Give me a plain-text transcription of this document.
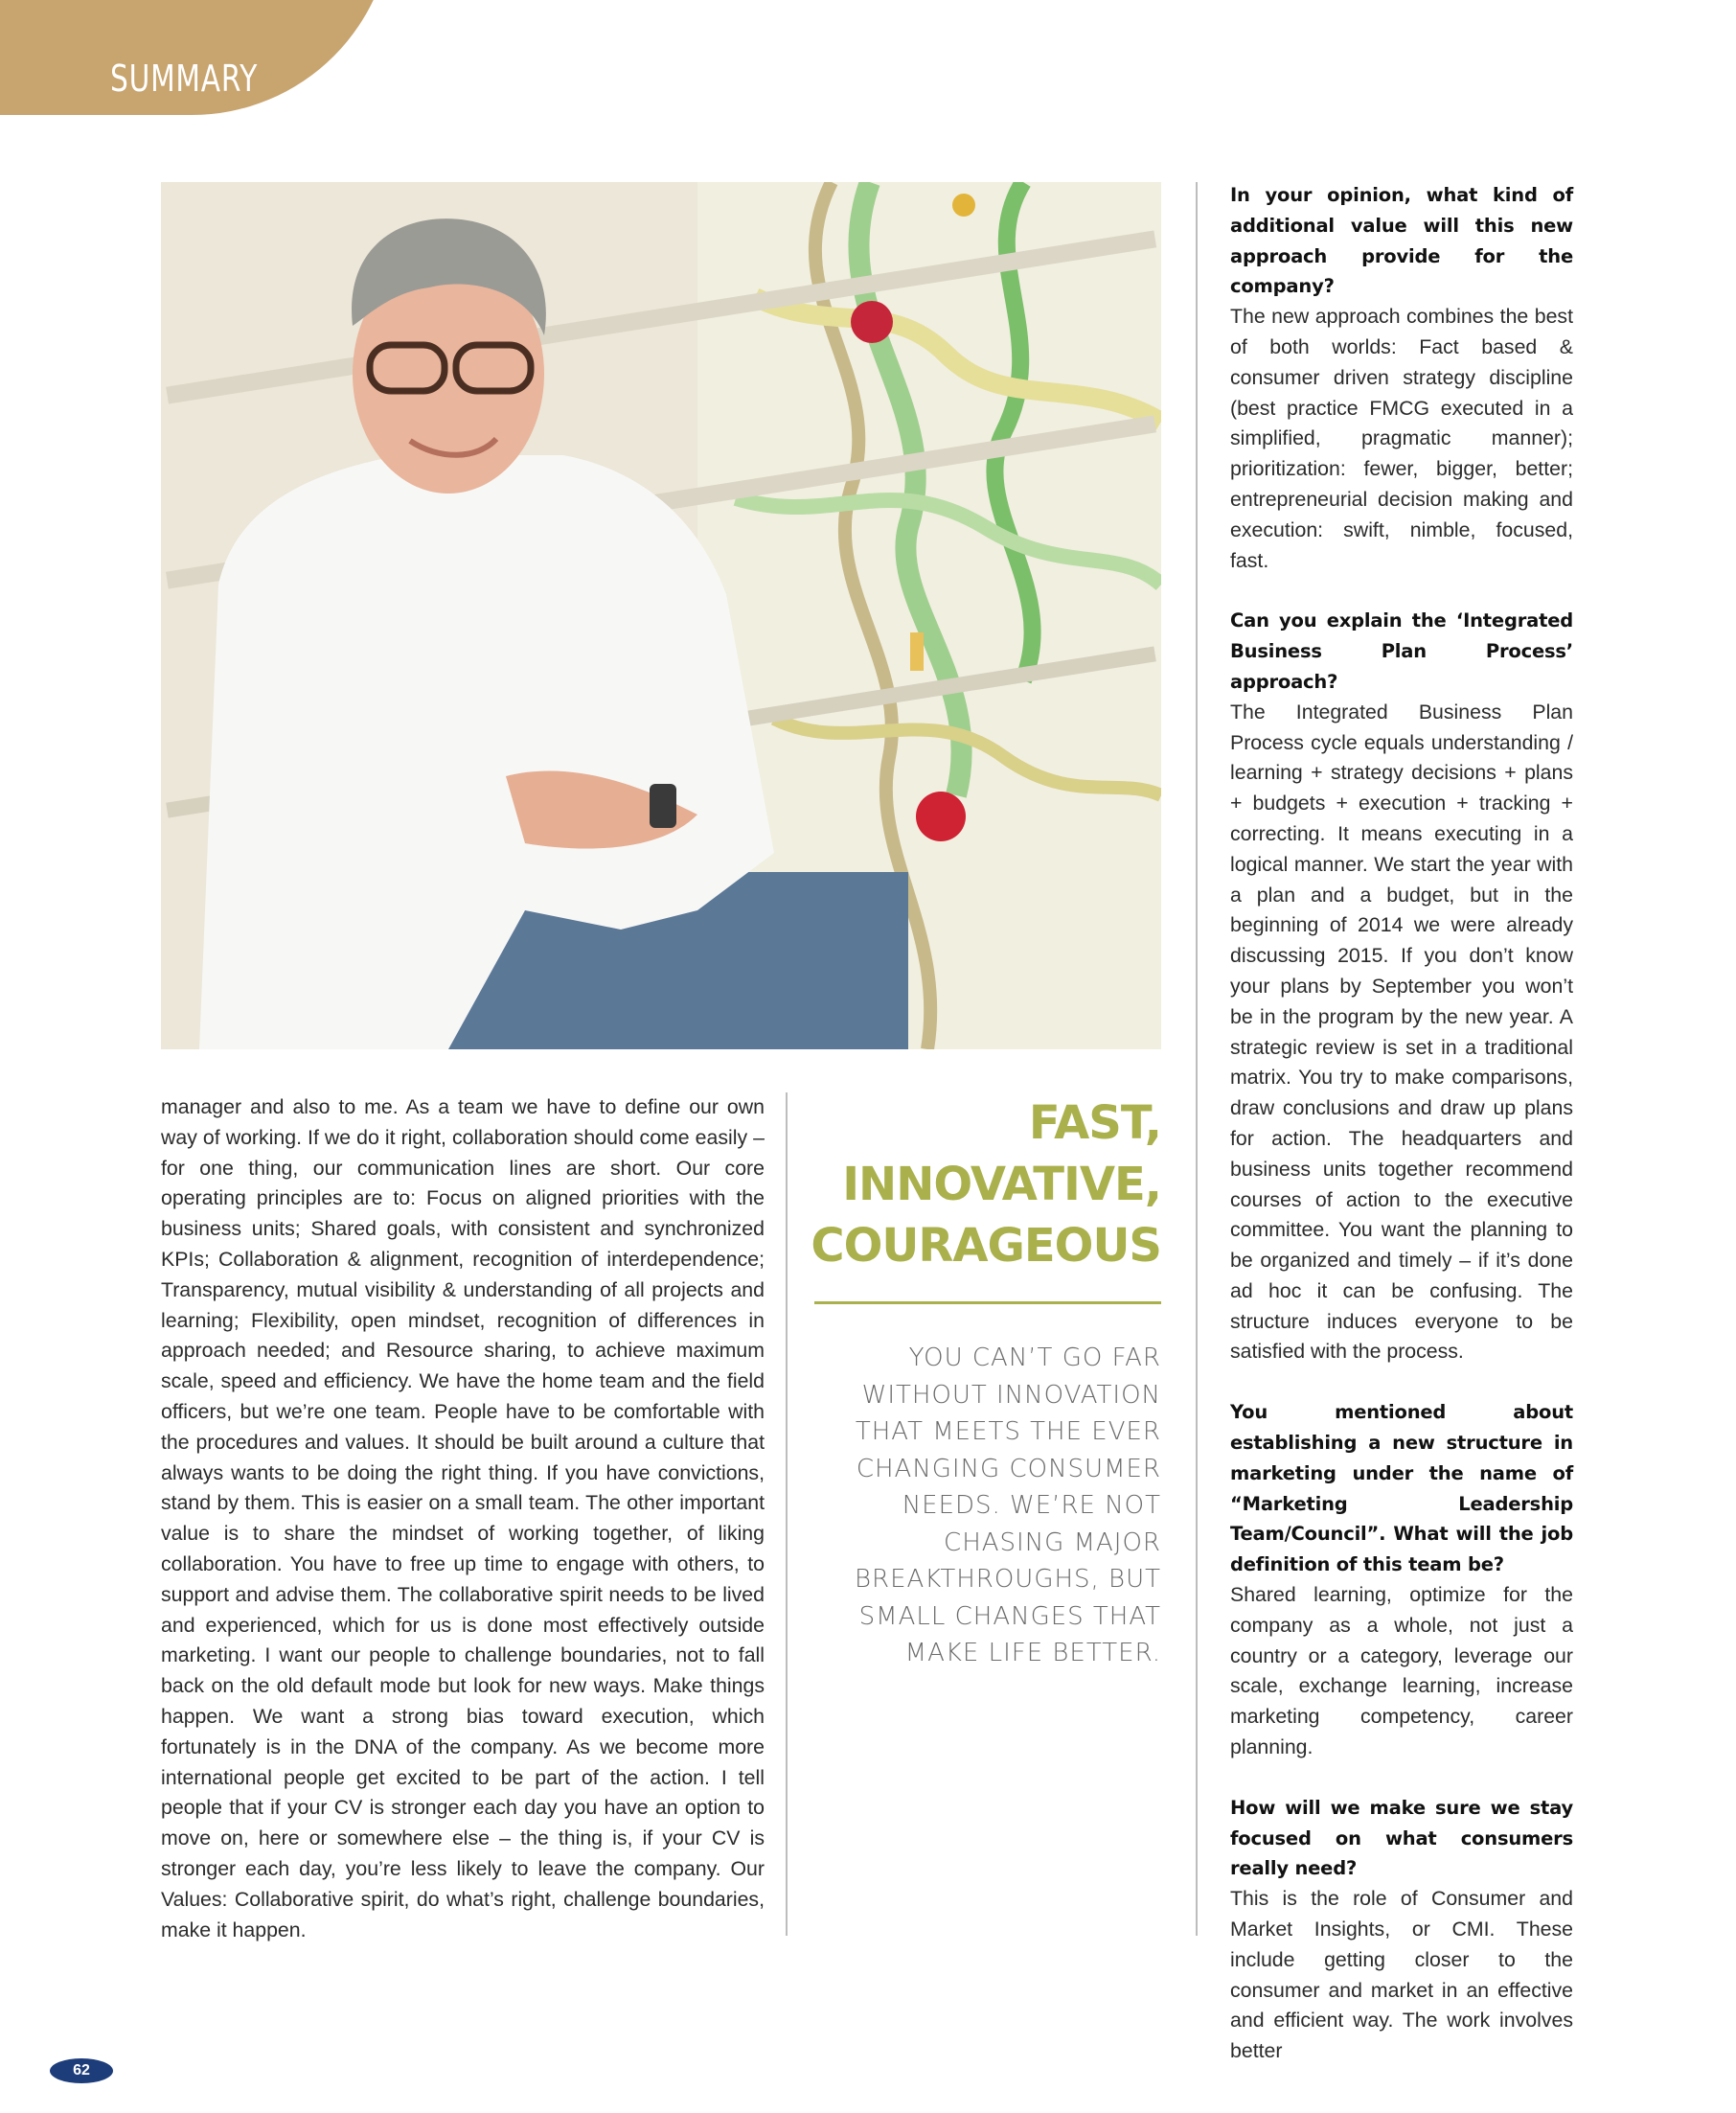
SUMMARY
manager and also to me. As a team we have to define our own way of working. If we do it right, collaboration should come easily – for one thing, our communication lines are short. Our core operating principles are to: Focus on aligned priorities with the business units; Shared goals, with consistent and synchronized KPIs; Collaboration & alignment, recognition of interdependence; Transparency, mutual visibility & understanding of all projects and learning; Flexibility, open mindset, recognition of differences in approach needed; and Resource sharing, to achieve maximum scale, speed and efficiency. We have the home team and the field officers, but we’re one team. People have to be comfortable with the procedures and values. It should be built around a culture that always wants to be doing the right thing. If you have convictions, stand by them. This is easier on a small team. The other important value is to share the mindset of working together, of liking collaboration. You have to free up time to engage with others, to support and advise them. The collaborative spirit needs to be lived and experienced, which for us is done most effectively outside marketing. I want our people to challenge boundaries, not to fall back on the old default mode but look for new ways. Make things happen. We want a strong bias toward execution, which fortunately is in the DNA of the company. As we become more international people get excited to be part of the action. I tell people that if your CV is stronger each day you have an option to move on, here or somewhere else – the thing is, if your CV is stronger each day, you’re less likely to leave the company. Our Values: Collaborative spirit, do what’s right, challenge boundaries, make it happen.
FAST,
INNOVATIVE,
COURAGEOUS
YOU CAN’T GO FAR
WITHOUT INNOVATION
THAT MEETS THE EVER
CHANGING CONSUMER
NEEDS. WE’RE NOT
CHASING MAJOR
BREAKTHROUGHS, BUT
SMALL CHANGES THAT
MAKE LIFE BETTER.
In your opinion, what kind of additional value will this new approach provide for the company?
The new approach combines the best of both worlds: Fact based & consumer driven strategy discipline (best practice FMCG executed in a simplified, pragmatic manner); prioritization: fewer, bigger, better; entrepreneurial decision making and execution: swift, nimble, focused, fast.
Can you explain the ‘Integrated Business Plan Process’ approach?
The Integrated Business Plan Process cycle equals understanding / learning + strategy decisions + plans + budgets + execution + tracking + correcting. It means executing in a logical manner. We start the year with a plan and a budget, but in the beginning of 2014 we were already discussing 2015. If you don’t know your plans by September you won’t be in the program by the new year. A strategic review is set in a traditional matrix. You try to make comparisons, draw conclusions and draw up plans for action. The headquarters and business units together recommend courses of action to the executive committee. You want the planning to be organized and timely – if it’s done ad hoc it can be confusing. The structure induces everyone to be satisfied with the process.
You mentioned about establishing a new structure in marketing under the name of “Marketing Leadership Team/Council”. What will the job definition of this team be?
Shared learning, optimize for the company as a whole, not just a country or a category, leverage our scale, exchange learning, increase marketing competency, career planning.
How will we make sure we stay focused on what consumers really need?
This is the role of Consumer and Market Insights, or CMI. These include getting closer to the consumer and market in an effective and efficient way. The work involves better
62
